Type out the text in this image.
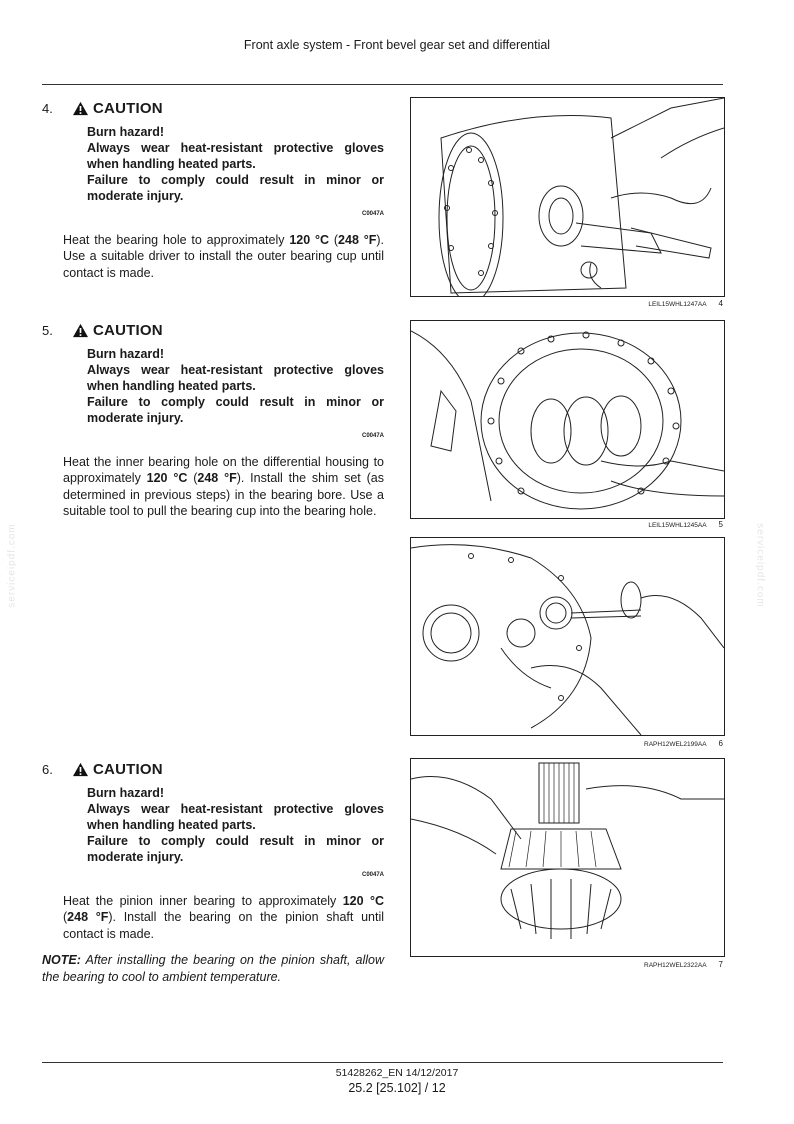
Front axle system - Front bevel gear set and differential
4.	CAUTION
Burn hazard!
Always wear heat-resistant protective gloves when handling heated parts.
Failure to comply could result in minor or moderate injury.
C0047A
Heat the bearing hole to approximately 120 °C (248 °F). Use a suitable driver to install the outer bearing cup until contact is made.
5.	CAUTION
Burn hazard!
Always wear heat-resistant protective gloves when handling heated parts.
Failure to comply could result in minor or moderate injury.
C0047A
Heat the inner bearing hole on the differential housing to approximately 120 °C (248 °F). Install the shim set (as determined in previous steps) in the bearing bore. Use a suitable tool to pull the bearing cup into the bearing hole.
6.	CAUTION
Burn hazard!
Always wear heat-resistant protective gloves when handling heated parts.
Failure to comply could result in minor or moderate injury.
C0047A
Heat the pinion inner bearing to approximately 120 °C (248 °F). Install the bearing on the pinion shaft until contact is made.
NOTE: After installing the bearing on the pinion shaft, allow the bearing to cool to ambient temperature.
LEIL15WHL1247AA 4
LEIL15WHL1245AA 5
RAPH12WEL2199AA 6
RAPH12WEL2322AA 7
serviceipdf.com	serviceipdf.com
51428262_EN 14/12/2017
25.2 [25.102] / 12
